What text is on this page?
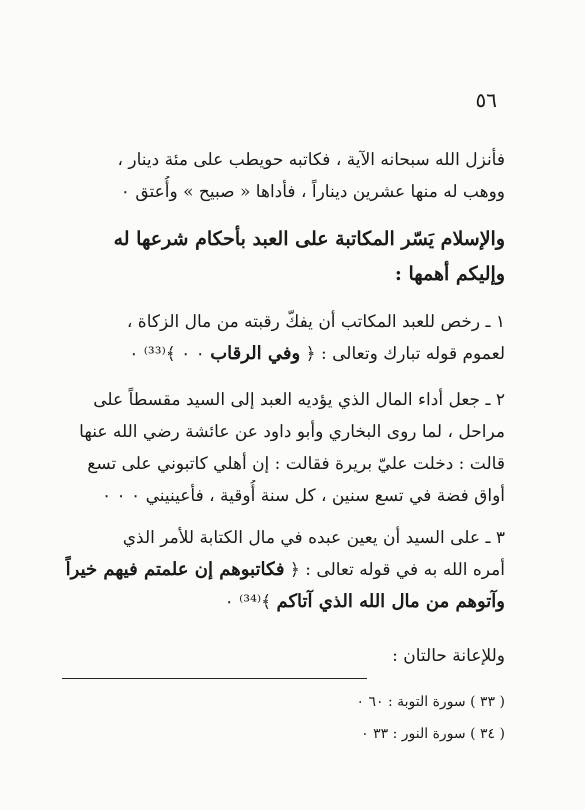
٥٦
فأنزل الله سبحانه الآية ، فكاتبه حويطب على مئة دينار ،
ووهب له منها عشرين ديناراً ، فأداها « صبيح » وأُعتق ٠
والإسلام يَسّر المكاتبة على العبد بأحكام شرعها له
وإليكم أهمها :
١ ـ رخص للعبد المكاتب أن يفكّ رقبته من مال الزكاة ،
لعموم قوله تبارك وتعالى : ﴿ وفي الرقاب ٠ ٠ ﴾⁽³³⁾ ٠
٢ ـ جعل أداء المال الذي يؤديه العبد إلى السيد مقسطاً على
مراحل ، لما روى البخاري وأبو داود عن عائشة رضي الله عنها
قالت : دخلت عليّ بريرة فقالت : إن أهلي كاتبوني على تسع
أواق فضة في تسع سنين ، كل سنة أُوقية ، فأعينيني ٠ ٠ ٠
٣ ـ على السيد أن يعين عبده في مال الكتابة للأمر الذي
أمره الله به في قوله تعالى : ﴿ فكاتبوهم إن علمتم فيهم خيراً
وآتوهم من مال الله الذي آتاكم ﴾⁽³⁴⁾ ٠
وللإعانة حالتان :
( ٣٣ ) سورة التوبة : ٦٠ ٠
( ٣٤ ) سورة النور : ٣٣ ٠
